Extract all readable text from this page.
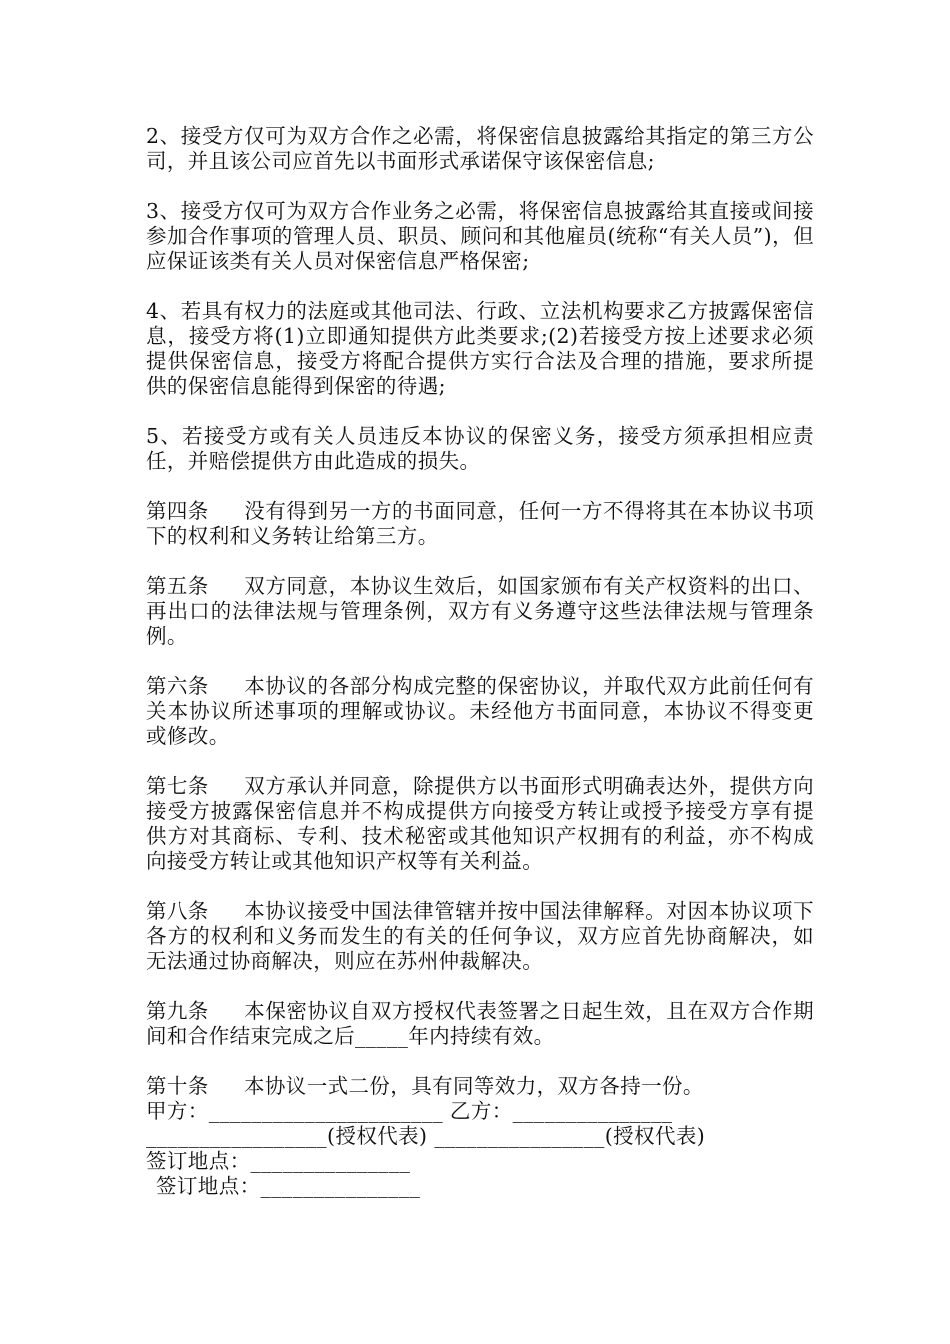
2、接受方仅可为双方合作之必需，将保密信息披露给其指定的第三方公司，并且该公司应首先以书面形式承诺保守该保密信息;

3、接受方仅可为双方合作业务之必需，将保密信息披露给其直接或间接参加合作事项的管理人员、职员、顾问和其他雇员(统称“有关人员”)，但应保证该类有关人员对保密信息严格保密;

4、若具有权力的法庭或其他司法、行政、立法机构要求乙方披露保密信息，接受方将(1)立即通知提供方此类要求;(2)若接受方按上述要求必须提供保密信息，接受方将配合提供方实行合法及合理的措施，要求所提供的保密信息能得到保密的待遇;

5、若接受方或有关人员违反本协议的保密义务，接受方须承担相应责任，并赔偿提供方由此造成的损失。

第四条 没有得到另一方的书面同意，任何一方不得将其在本协议书项下的权利和义务转让给第三方。

第五条 双方同意，本协议生效后，如国家颁布有关产权资料的出口、再出口的法律法规与管理条例，双方有义务遵守这些法律法规与管理条例。

第六条 本协议的各部分构成完整的保密协议，并取代双方此前任何有关本协议所述事项的理解或协议。未经他方书面同意，本协议不得变更或修改。

第七条 双方承认并同意，除提供方以书面形式明确表达外，提供方向接受方披露保密信息并不构成提供方向接受方转让或授予接受方享有提供方对其商标、专利、技术秘密或其他知识产权拥有的利益，亦不构成向接受方转让或其他知识产权等有关利益。

第八条 本协议接受中国法律管辖并按中国法律解释。对因本协议项下各方的权利和义务而发生的有关的任何争议，双方应首先协商解决，如无法通过协商解决，则应在苏州仲裁解决。

第九条 本保密协议自双方授权代表签署之日起生效，且在双方合作期间和合作结束完成之后_____年内持续有效。

第十条 本协议一式二份，具有同等效力，双方各持一份。

甲方：______________________ 乙方：_______________

_________________(授权代表) ________________(授权代表)

签订地点：_______________

签订地点：_______________
